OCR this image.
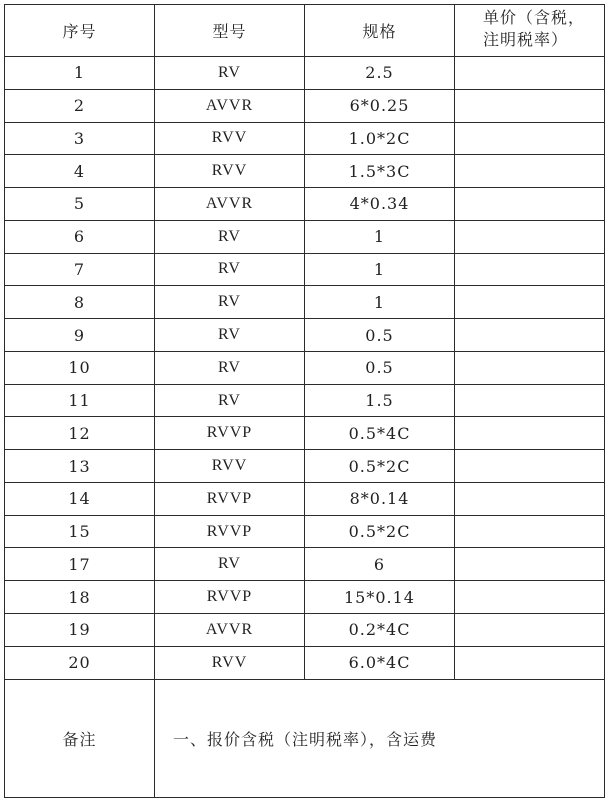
序号	型号	规格	单价（含税，
注明税率）
1	RV	2.5	
2	AVVR	6*0.25	
3	RVV	1.0*2C	
4	RVV	1.5*3C	
5	AVVR	4*0.34	
6	RV	1	
7	RV	1	
8	RV	1	
9	RV	0.5	
10	RV	0.5	
11	RV	1.5	
12	RVVP	0.5*4C	
13	RVV	0.5*2C	
14	RVVP	8*0.14	
15	RVVP	0.5*2C	
17	RV	6	
18	RVVP	15*0.14	
19	AVVR	0.2*4C	
20	RVV	6.0*4C	
备注	一、报价含税（注明税率），含运费		
